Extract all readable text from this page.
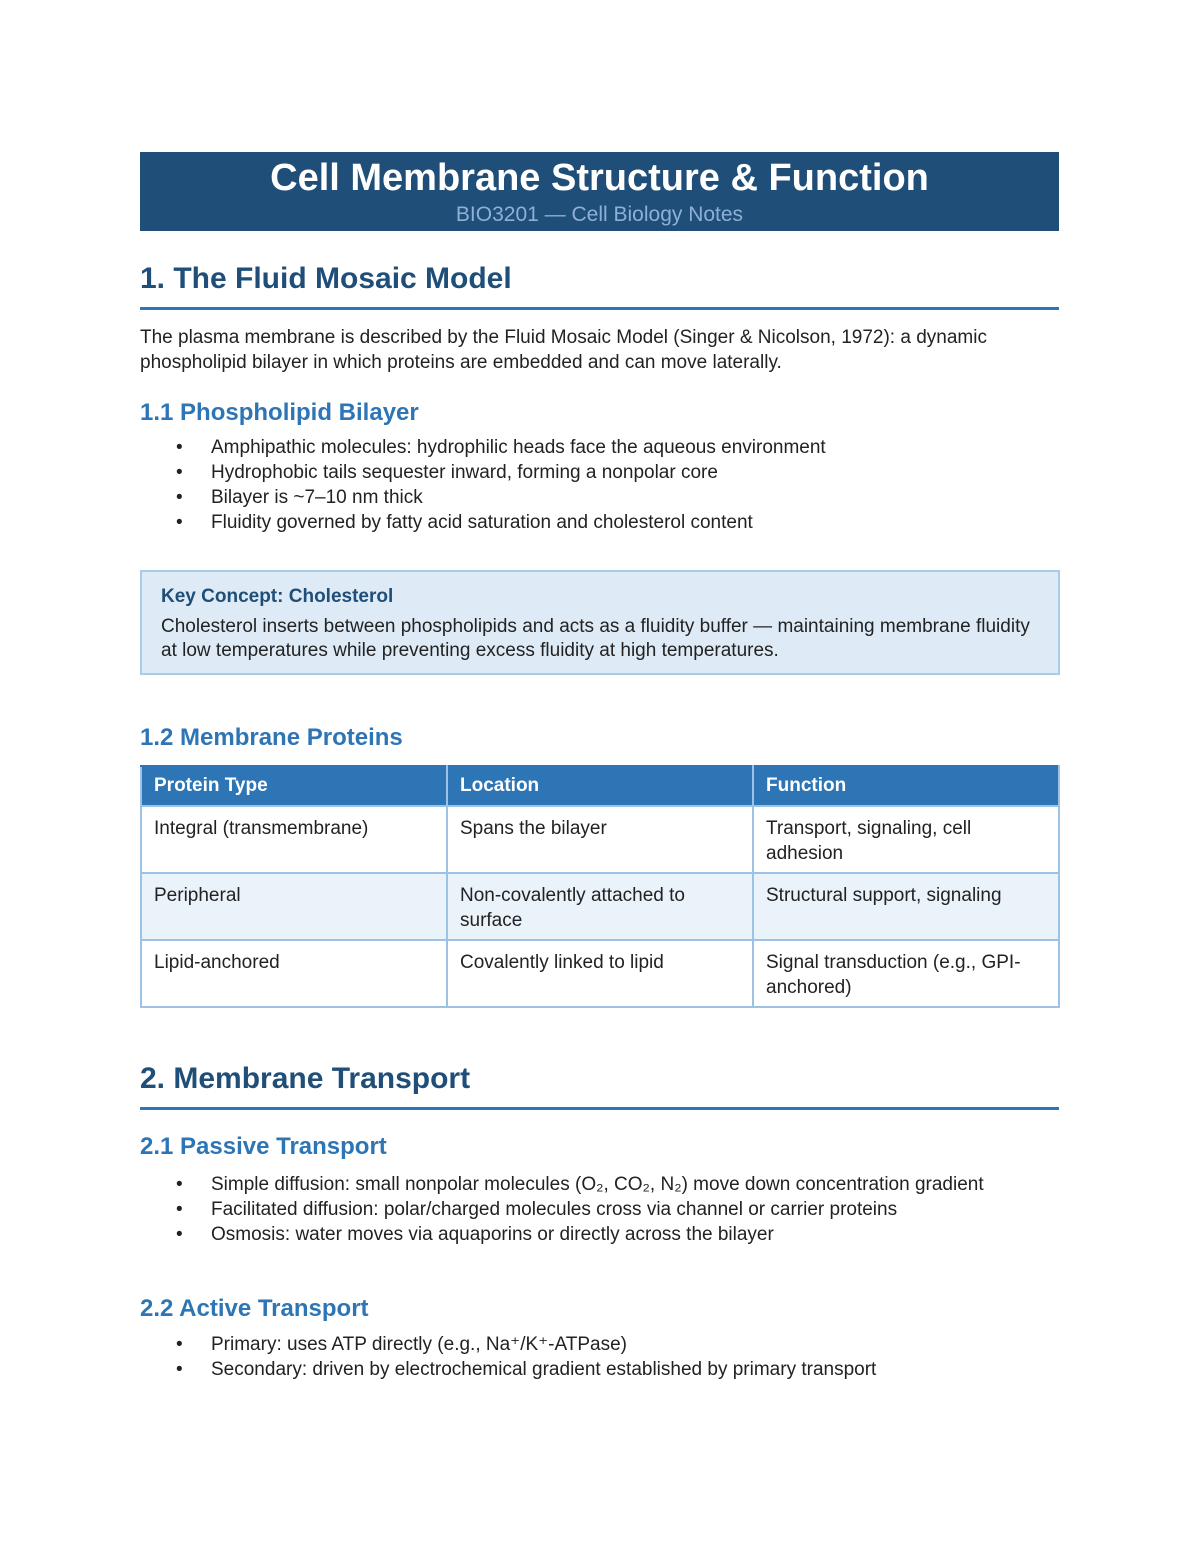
Cell Membrane Structure & Function
BIO3201 — Cell Biology Notes
1. The Fluid Mosaic Model

The plasma membrane is described by the Fluid Mosaic Model (Singer & Nicolson, 1972): a dynamic phospholipid bilayer in which proteins are embedded and can move laterally.

1.1 Phospholipid Bilayer
• Amphipathic molecules: hydrophilic heads face the aqueous environment
• Hydrophobic tails sequester inward, forming a nonpolar core
• Bilayer is ~7–10 nm thick
• Fluidity governed by fatty acid saturation and cholesterol content
Key Concept: Cholesterol
Cholesterol inserts between phospholipids and acts as a fluidity buffer — maintaining membrane fluidity at low temperatures while preventing excess fluidity at high temperatures.
1.2 Membrane Proteins
Protein Type	Location	Function
Integral (transmembrane)	Spans the bilayer	Transport, signaling, cell adhesion
Peripheral	Non-covalently attached to surface	Structural support, signaling
Lipid-anchored	Covalently linked to lipid	Signal transduction (e.g., GPI-anchored)
2. Membrane Transport
2.1 Passive Transport
• Simple diffusion: small nonpolar molecules (O₂, CO₂, N₂) move down concentration gradient
• Facilitated diffusion: polar/charged molecules cross via channel or carrier proteins
• Osmosis: water moves via aquaporins or directly across the bilayer
2.2 Active Transport
• Primary: uses ATP directly (e.g., Na⁺/K⁺-ATPase)
• Secondary: driven by electrochemical gradient established by primary transport
